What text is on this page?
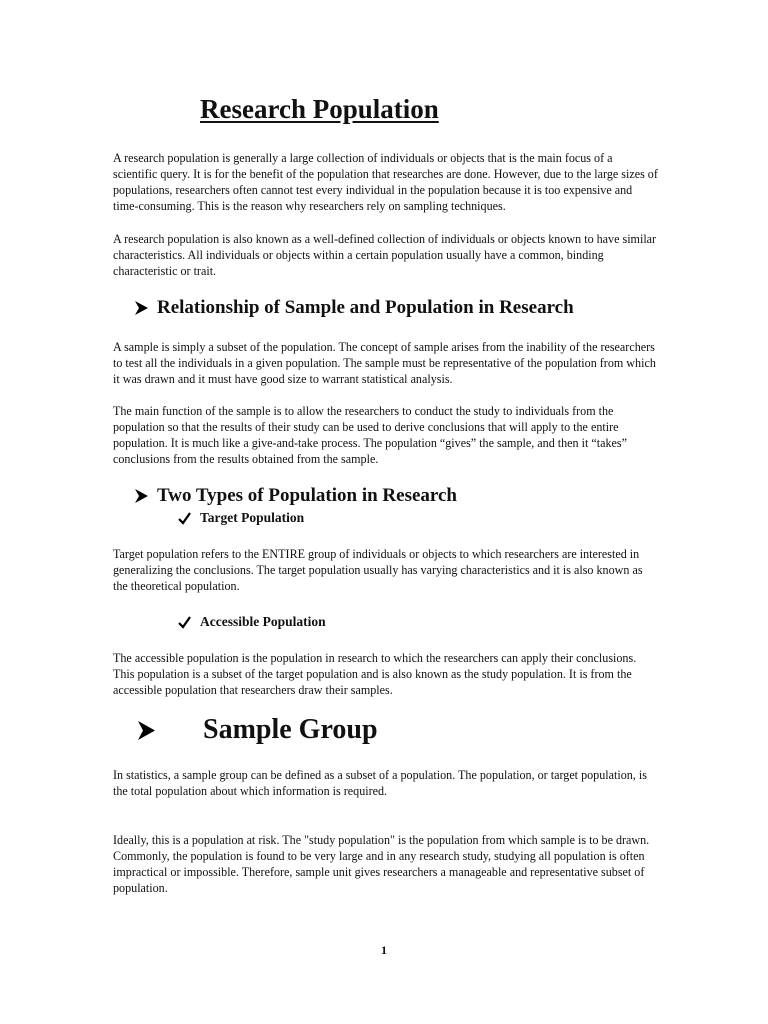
Research Population

A research population is generally a large collection of individuals or objects that is the main focus of a scientific query. It is for the benefit of the population that researches are done. However, due to the large sizes of populations, researchers often cannot test every individual in the population because it is too expensive and time-consuming. This is the reason why researchers rely on sampling techniques.

A research population is also known as a well-defined collection of individuals or objects known to have similar characteristics. All individuals or objects within a certain population usually have a common, binding characteristic or trait.

Relationship of Sample and Population in Research

A sample is simply a subset of the population. The concept of sample arises from the inability of the researchers to test all the individuals in a given population. The sample must be representative of the population from which it was drawn and it must have good size to warrant statistical analysis.

The main function of the sample is to allow the researchers to conduct the study to individuals from the population so that the results of their study can be used to derive conclusions that will apply to the entire population. It is much like a give-and-take process. The population “gives” the sample, and then it “takes” conclusions from the results obtained from the sample.

Two Types of Population in Research
Target Population

Target population refers to the ENTIRE group of individuals or objects to which researchers are interested in generalizing the conclusions. The target population usually has varying characteristics and it is also known as the theoretical population.

Accessible Population

The accessible population is the population in research to which the researchers can apply their conclusions. This population is a subset of the target population and is also known as the study population. It is from the accessible population that researchers draw their samples.

Sample Group

In statistics, a sample group can be defined as a subset of a population. The population, or target population, is the total population about which information is required.

Ideally, this is a population at risk. The "study population" is the population from which sample is to be drawn. Commonly, the population is found to be very large and in any research study, studying all population is often impractical or impossible. Therefore, sample unit gives researchers a manageable and representative subset of population.

1
